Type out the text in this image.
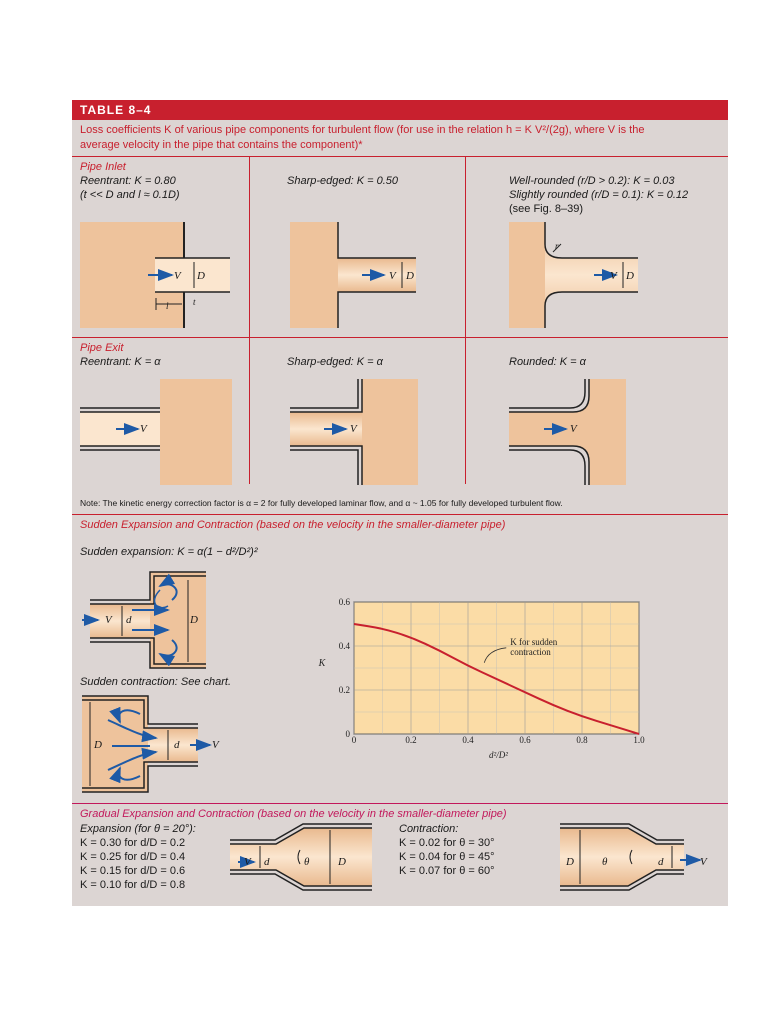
TABLE 8–4
Loss coefficients K of various pipe components for turbulent flow (for use in the relation h = K V²/(2g), where V is the
average velocity in the pipe that contains the component)*
Pipe Inlet
Reentrant: K = 0.80
(t << D and l ≈ 0.1D)
Sharp-edged: K = 0.50	Well-rounded (r/D > 0.2): K = 0.03
Slightly rounded (r/D = 0.1): K = 0.12
(see Fig. 8–39)
V D
l	t
V D
r
V D
V	V	V
V d	D
D	d	V
V d	θ	D	D	θ	d	V
Pipe Exit
Reentrant: K = α	Sharp-edged: K = α	Rounded: K = α
Note: The kinetic energy correction factor is α = 2 for fully developed laminar flow, and α ~ 1.05 for fully developed turbulent flow.
Sudden Expansion and Contraction (based on the velocity in the smaller-diameter pipe)
Sudden expansion: K = α(1 − d²/D²)²
Sudden contraction: See chart.
0	0.2	0.4	0.6	0.8	1.0
0
0.2
0.4
0.6
K for sudden
contraction
d²/D²
K
Gradual Expansion and Contraction (based on the velocity in the smaller-diameter pipe)
Expansion (for θ = 20°):
K = 0.30 for d/D = 0.2
K = 0.25 for d/D = 0.4
K = 0.15 for d/D = 0.6
K = 0.10 for d/D = 0.8
Contraction:
K = 0.02 for θ = 30°
K = 0.04 for θ = 45°
K = 0.07 for θ = 60°
